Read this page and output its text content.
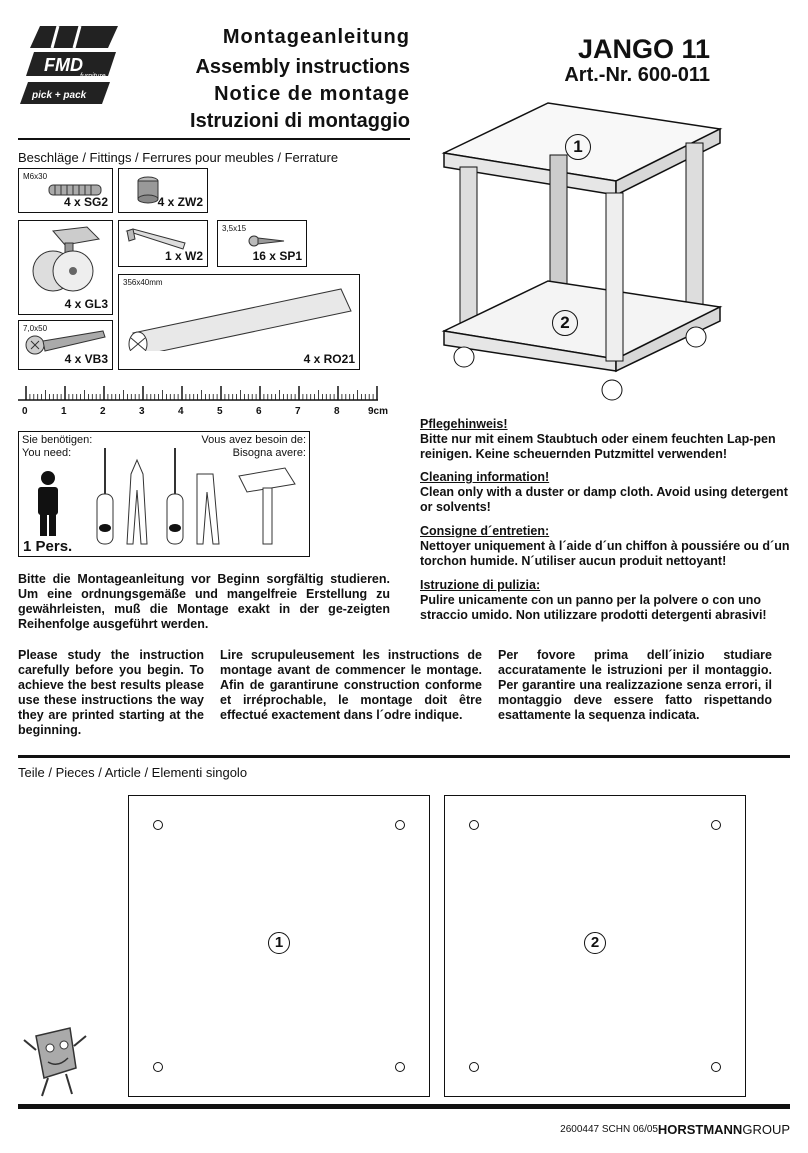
FMD
furniture
pick + pack
Montageanleitung
Assembly instructions
Notice de montage
Istruzioni di montaggio
JANGO 11
Art.-Nr. 600-011
Beschläge / Fittings / Ferrures pour meubles / Ferrature
M6x30
4 x SG2	4 x ZW2
4 x GL3
1 x W2
3,5x15
16 x SP1
356x40mm
4 x RO21
7,0x50
4 x VB3
0	1	2	3	4	5	6	7	8	9cm
Sie benötigen:
You need:
Vous avez besoin de:
Bisogna avere:
1 Pers.
1
2
Pflegehinweis!
Bitte nur mit einem Staubtuch oder einem feuchten Lap-pen reinigen. Keine scheuernden Putzmittel verwenden!
Cleaning information!
Clean only with a duster or damp cloth. Avoid using detergent or solvents!
Consigne d´entretien:
Nettoyer uniquement à l´aide d´un chiffon à poussiére ou d´un torchon humide. N´utiliser aucun produit nettoyant!
Istruzione di pulizia:
Pulire unicamente con un panno per la polvere o con uno straccio umido. Non utilizzare prodotti detergenti abrasivi!
Bitte die Montageanleitung vor Beginn sorgfältig studieren. Um eine ordnungsgemäße und mangelfreie Erstellung zu gewährleisten, muß die Montage exakt in der ge-zeigten Reihenfolge ausgeführt werden.
Please study the instruction carefully before you begin. To achieve the best results please use these instructions the way they are printed starting at the beginning.
Lire scrupuleusement les instructions de montage avant de commencer le montage. Afin de garantirune construction conforme et irréprochable, le montage doit être effectué exactement dans l´odre indique.
Per fovore prima dell´inizio studiare accuratamente le istruzioni per il montaggio. Per garantire una realizzazione senza errori, il montaggio deve essere fatto rispettando esattamente la sequenza indicata.
Teile / Pieces / Article / Elementi singolo
1	2
2600447 SCHN 06/05 HORSTMANNGROUP
